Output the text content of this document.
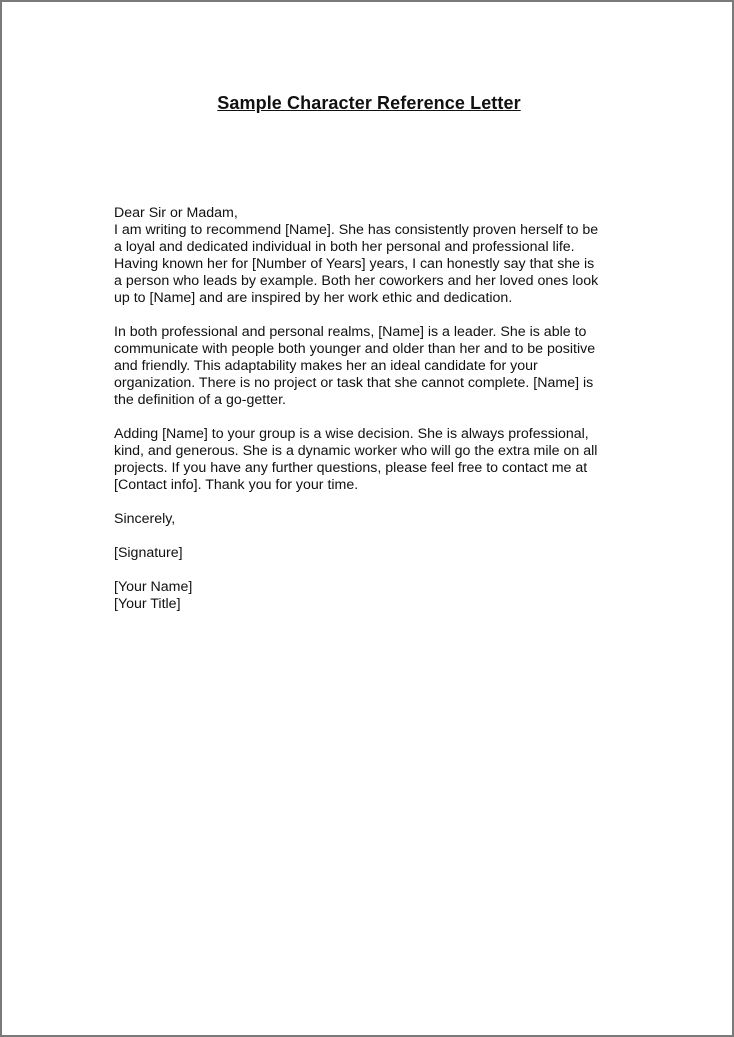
Sample Character Reference Letter

Dear Sir or Madam,

I am writing to recommend [Name]. She has consistently proven herself to be
a loyal and dedicated individual in both her personal and professional life.
Having known her for [Number of Years] years, I can honestly say that she is
a person who leads by example. Both her coworkers and her loved ones look
up to [Name] and are inspired by her work ethic and dedication.

In both professional and personal realms, [Name] is a leader. She is able to
communicate with people both younger and older than her and to be positive
and friendly. This adaptability makes her an ideal candidate for your
organization. There is no project or task that she cannot complete. [Name] is
the definition of a go-getter.

Adding [Name] to your group is a wise decision. She is always professional,
kind, and generous. She is a dynamic worker who will go the extra mile on all
projects. If you have any further questions, please feel free to contact me at
[Contact info]. Thank you for your time.

Sincerely,

[Signature]

[Your Name]

[Your Title]
